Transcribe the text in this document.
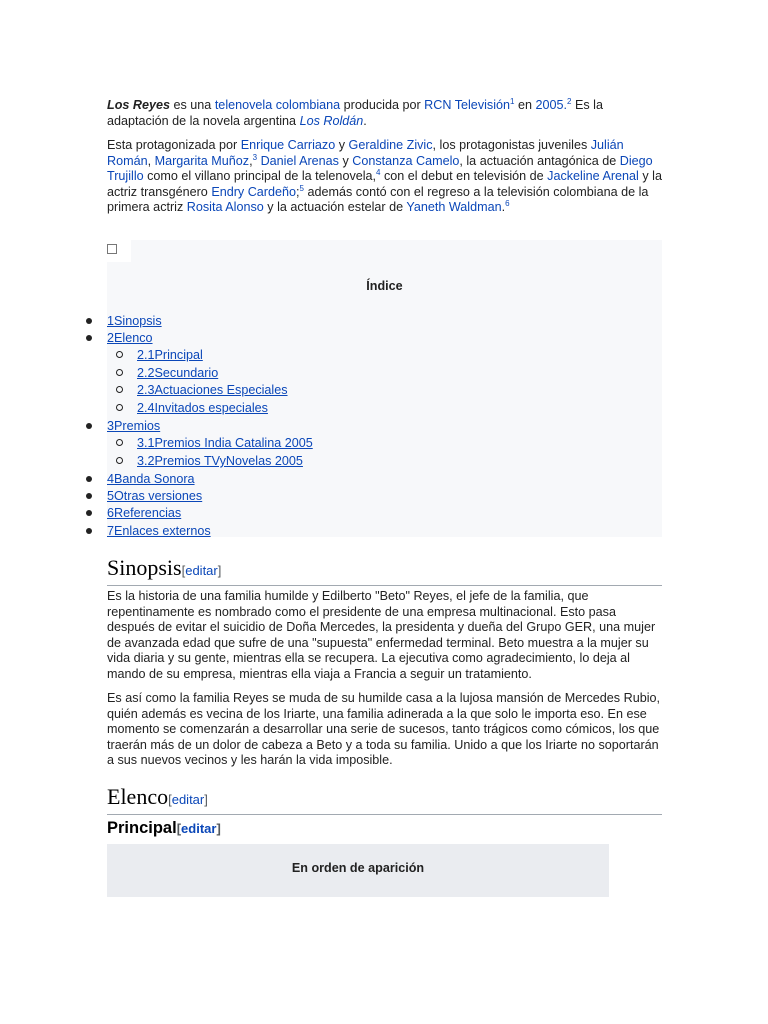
Los Reyes es una telenovela colombiana producida por RCN Televisión$^1$ en 2005.$^2$ Es la adaptación de la novela argentina Los Roldán.

Esta protagonizada por Enrique Carriazo y Geraldine Zivic, los protagonistas juveniles Julián Román, Margarita Muñoz,$^3$ Daniel Arenas y Constanza Camelo, la actuación antagónica de Diego Trujillo como el villano principal de la telenovela,$^4$ con el debut en televisión de Jackeline Arenal y la actriz transgénero Endry Cardeño;$^5$ además contó con el regreso a la televisión colombiana de la primera actriz Rosita Alonso y la actuación estelar de Yaneth Waldman.$^6$

Índice
1Sinopsis
2Elenco
2.1Principal
2.2Secundario
2.3Actuaciones Especiales
2.4Invitados especiales
3Premios
3.1Premios India Catalina 2005
3.2Premios TVyNovelas 2005
4Banda Sonora
5Otras versiones
6Referencias
7Enlaces externos
Sinopsis[editar]

Es la historia de una familia humilde y Edilberto "Beto" Reyes, el jefe de la familia, que repentinamente es nombrado como el presidente de una empresa multinacional. Esto pasa después de evitar el suicidio de Doña Mercedes, la presidenta y dueña del Grupo GER, una mujer de avanzada edad que sufre de una "supuesta" enfermedad terminal. Beto muestra a la mujer su vida diaria y su gente, mientras ella se recupera. La ejecutiva como agradecimiento, lo deja al mando de su empresa, mientras ella viaja a Francia a seguir un tratamiento.

Es así como la familia Reyes se muda de su humilde casa a la lujosa mansión de Mercedes Rubio, quién además es vecina de los Iriarte, una familia adinerada a la que solo le importa eso. En ese momento se comenzarán a desarrollar una serie de sucesos, tanto trágicos como cómicos, los que traerán más de un dolor de cabeza a Beto y a toda su familia. Unido a que los Iriarte no soportarán a sus nuevos vecinos y les harán la vida imposible.

Elenco[editar]
Principal[editar]
En orden de aparición
